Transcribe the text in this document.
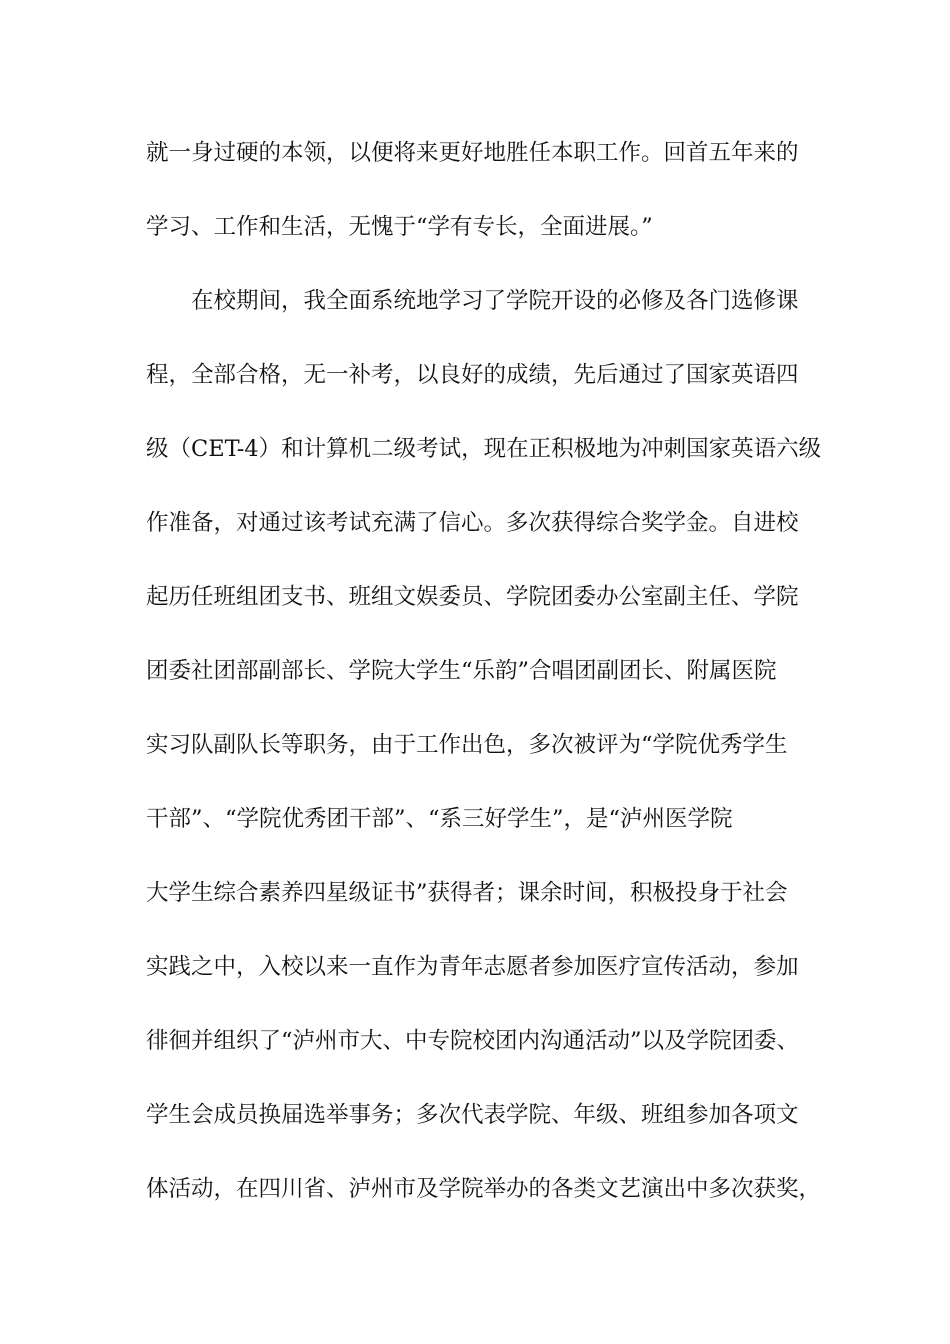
就一身过硬的本领，以便将来更好地胜任本职工作。回首五年来的
学习、工作和生活，无愧于“学有专长，全面进展。”
在校期间，我全面系统地学习了学院开设的必修及各门选修课
程，全部合格，无一补考，以良好的成绩，先后通过了国家英语四
级（CET-4）和计算机二级考试，现在正积极地为冲刺国家英语六级
作准备，对通过该考试充满了信心。多次获得综合奖学金。自进校
起历任班组团支书、班组文娱委员、学院团委办公室副主任、学院
团委社团部副部长、学院大学生“乐韵”合唱团副团长、附属医院
实习队副队长等职务，由于工作出色，多次被评为“学院优秀学生
干部”、“学院优秀团干部”、“系三好学生”，是“泸州医学院
大学生综合素养四星级证书”获得者；课余时间，积极投身于社会
实践之中，入校以来一直作为青年志愿者参加医疗宣传活动，参加
徘徊并组织了“泸州市大、中专院校团内沟通活动”以及学院团委、
学生会成员换届选举事务；多次代表学院、年级、班组参加各项文
体活动，在四川省、泸州市及学院举办的各类文艺演出中多次获奖，
